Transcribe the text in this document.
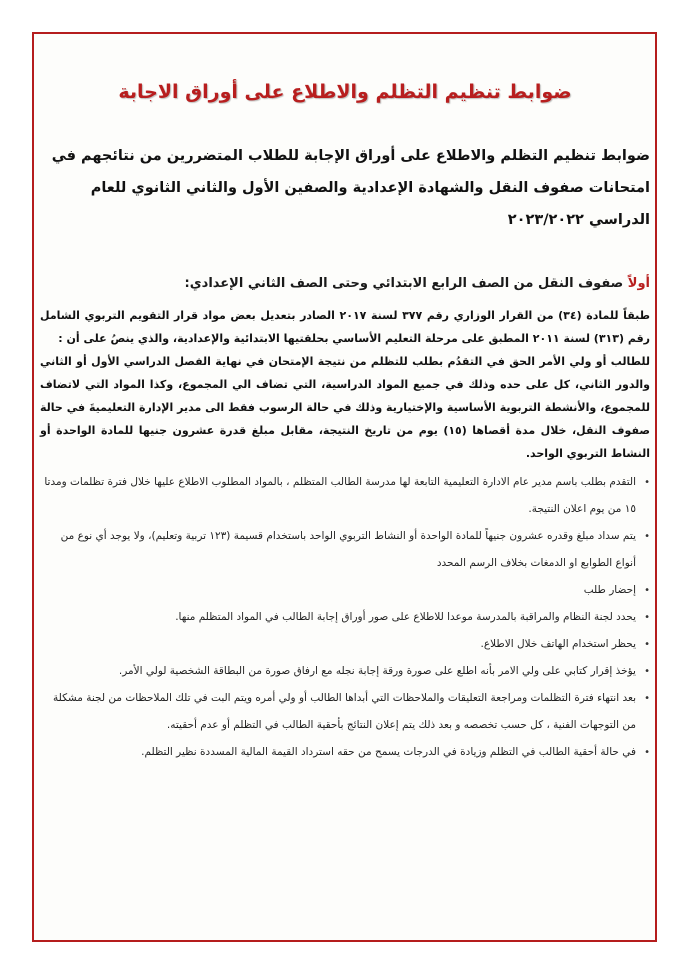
ضوابط تنظيم التظلم والاطلاع على أوراق الاجابة
ضوابط تنظيم التظلم والاطلاع على أوراق الإجابة للطلاب المتضررين من نتائجهم في امتحانات صفوف النقل والشهادة الإعدادية والصفين الأول والثاني الثانوي للعام الدراسي ٢٠٢٣/٢٠٢٢
أولاً صفوف النقل من الصف الرابع الابتدائي وحتى الصف الثاني الإعدادي:
طبقاً للمادة (٣٤) من القرار الوزاري رقم ٣٧٧ لسنة ٢٠١٧ الصادر بتعديل بعض مواد قرار التقويم التربوي الشامل رقم (٣١٣) لسنة ٢٠١١ المطبق على مرحلة التعليم الأساسي بحلقتيها الابتدائية والإعدادية، والذي ينصُ على أن :
للطالب أو ولي الأمر الحق في التقدُم بطلب للتظلم من نتيجة الإمتحان في نهاية الفصل الدراسي الأول أو الثاني والدور الثاني، كل على حده وذلك في جميع المواد الدراسية، التي تضاف الي المجموع، وكذا المواد التي لاتضاف للمجموع، والأنشطة التربوية الأساسية والإختيارية وذلك في حالة الرسوب فقط الى مدير الإدارة التعليميةَ في حالة صفوف النقل، خلال مدة أقصاها (١٥) يوم من تاريخ النتيجة، مقابل مبلغ قدرة عشرون جنيها للمادة الواحدة أو النشاط التربوي الواحد.
•
التقدم بطلب باسم مدير عام الادارة التعليمية التابعة لها مدرسة الطالب المتظلم ، بالمواد المطلوب الاطلاع عليها خلال فترة تظلمات ومدتا ١٥ من يوم اعلان النتيجة.
•
يتم سداد مبلغ وقدره عشرون جنيهاً للمادة الواحدة أو النشاط التربوي الواحد باستخدام قسيمة (١٢٣ تربية وتعليم)، ولا يوجد أي نوع من أنواع الطوابع او الدمغات بخلاف الرسم المحدد
•
إحضار طلب
•
يحدد لجنة النظام والمراقبة بالمدرسة موعدا للاطلاع على صور أوراق إجابة الطالب في المواد المتظلم منها.
•
يحظر استخدام الهاتف خلال الاطلاع.
•
يؤخذ إقرار كتابي على ولي الامر بأنه اطلع على صورة ورقة إجابة نجله مع ارفاق صورة من البطاقة الشخصية لولي الأمر.
•
بعد انتهاء فترة التظلمات ومراجعة التعليقات والملاحظات التي أبداها الطالب أو ولي أمره ويتم البت في تلك الملاحظات من لجنة مشكلة من التوجهات الفنية ، كل حسب تخصصه و بعد ذلك يتم إعلان النتائج بأحقية الطالب في التظلم أو عدم أحقيته.
•
في حالة أحقية الطالب في التظلم وزيادة في الدرجات يسمح من حقه استرداد القيمة المالية المسددة نظير التظلم.
